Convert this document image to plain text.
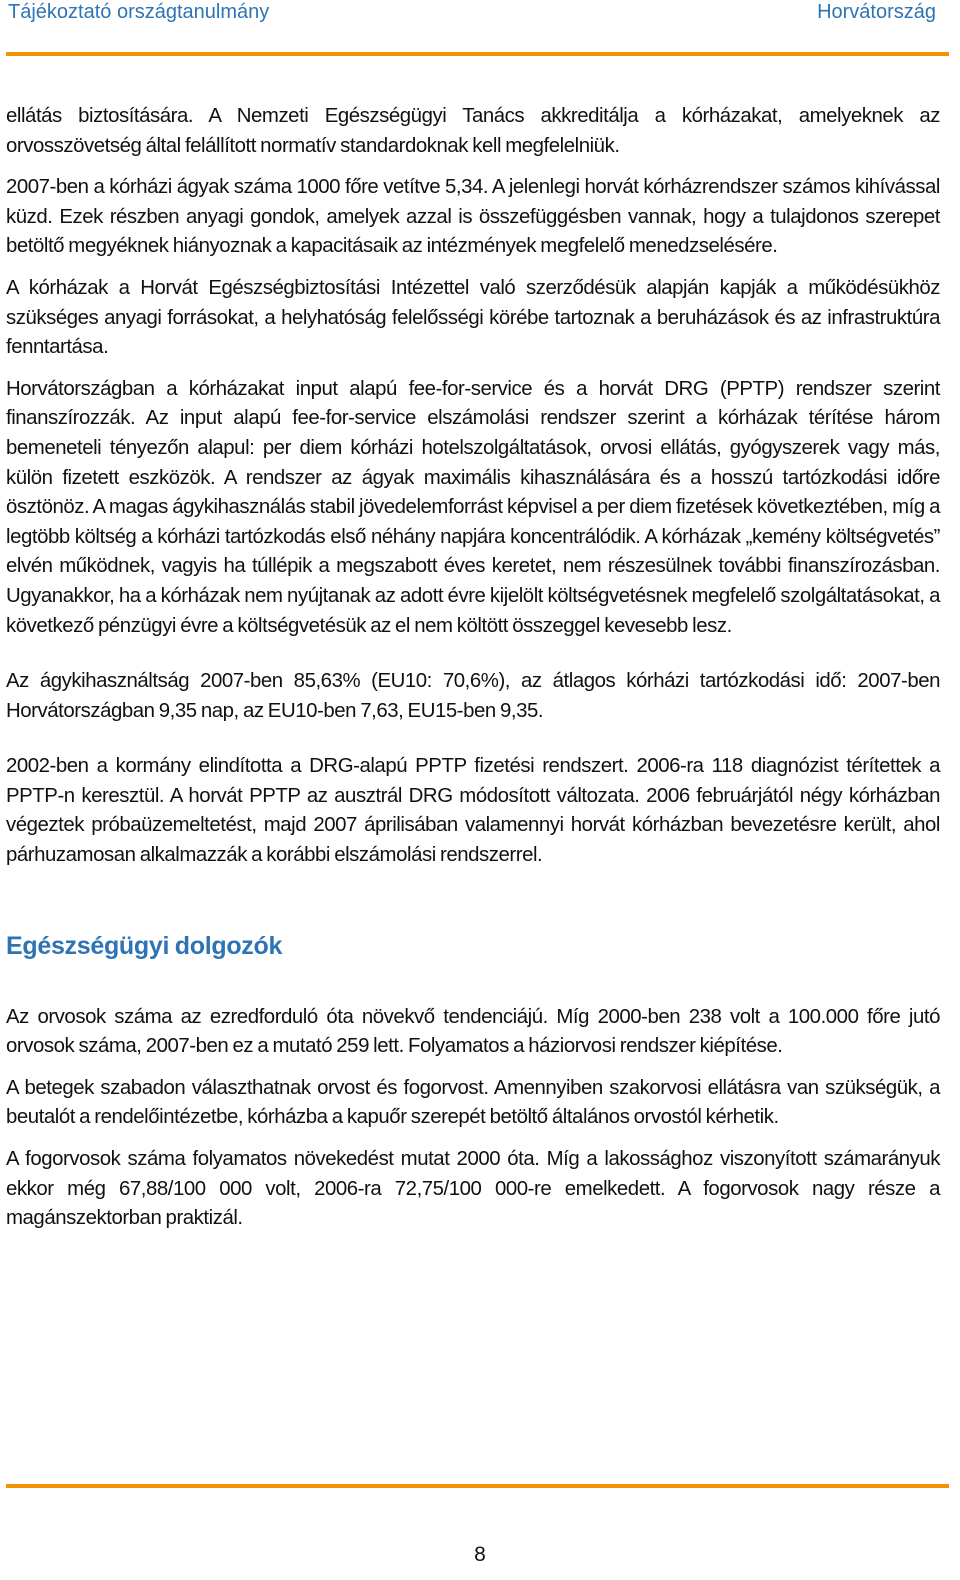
Tájékoztató országtanulmány	Horvátország

ellátás biztosítására. A Nemzeti Egészségügyi Tanács akkreditálja a kórházakat, amelyeknek az orvosszövetség által felállított normatív standardoknak kell megfelelniük.

2007-ben a kórházi ágyak száma 1000 főre vetítve 5,34. A jelenlegi horvát kórházrendszer számos kihívással küzd. Ezek részben anyagi gondok, amelyek azzal is összefüggésben vannak, hogy a tulajdonos szerepet betöltő megyéknek hiányoznak a kapacitásaik az intézmények megfelelő menedzselésére.

A kórházak a Horvát Egészségbiztosítási Intézettel való szerződésük alapján kapják a működésükhöz szükséges anyagi forrásokat, a helyhatóság felelősségi körébe tartoznak a beruházások és az infrastruktúra fenntartása.

Horvátországban a kórházakat input alapú fee-for-service és a horvát DRG (PPTP) rendszer szerint finanszírozzák. Az input alapú fee-for-service elszámolási rendszer szerint a kórházak térítése három bemeneteli tényezőn alapul: per diem kórházi hotelszolgáltatások, orvosi ellátás, gyógyszerek vagy más, külön fizetett eszközök. A rendszer az ágyak maximális kihasználására és a hosszú tartózkodási időre ösztönöz. A magas ágykihasználás stabil jövedelemforrást képvisel a per diem fizetések következtében, míg a legtöbb költség a kórházi tartózkodás első néhány napjára koncentrálódik. A kórházak „kemény költségvetés” elvén működnek, vagyis ha túllépik a megszabott éves keretet, nem részesülnek további finanszírozásban. Ugyanakkor, ha a kórházak nem nyújtanak az adott évre kijelölt költségvetésnek megfelelő szolgáltatásokat, a következő pénzügyi évre a költségvetésük az el nem költött összeggel kevesebb lesz.

Az ágykihasználtság 2007-ben 85,63% (EU10: 70,6%), az átlagos kórházi tartózkodási idő: 2007-ben Horvátországban 9,35 nap, az EU10-ben 7,63, EU15-ben 9,35.

2002-ben a kormány elindította a DRG-alapú PPTP fizetési rendszert. 2006-ra 118 diagnózist térítettek a PPTP-n keresztül. A horvát PPTP az ausztrál DRG módosított változata. 2006 februárjától négy kórházban végeztek próbaüzemeltetést, majd 2007 áprilisában valamennyi horvát kórházban bevezetésre került, ahol párhuzamosan alkalmazzák a korábbi elszámolási rendszerrel.

Egészségügyi dolgozók

Az orvosok száma az ezredforduló óta növekvő tendenciájú. Míg 2000-ben 238 volt a 100.000 főre jutó orvosok száma, 2007-ben ez a mutató 259 lett. Folyamatos a háziorvosi rendszer kiépítése.

A betegek szabadon választhatnak orvost és fogorvost. Amennyiben szakorvosi ellátásra van szükségük, a beutalót a rendelőintézetbe, kórházba a kapuőr szerepét betöltő általános orvostól kérhetik.

A fogorvosok száma folyamatos növekedést mutat 2000 óta. Míg a lakossághoz viszonyított számarányuk ekkor még 67,88/100 000 volt, 2006-ra 72,75/100 000-re emelkedett. A fogorvosok nagy része a magánszektorban praktizál.

8
